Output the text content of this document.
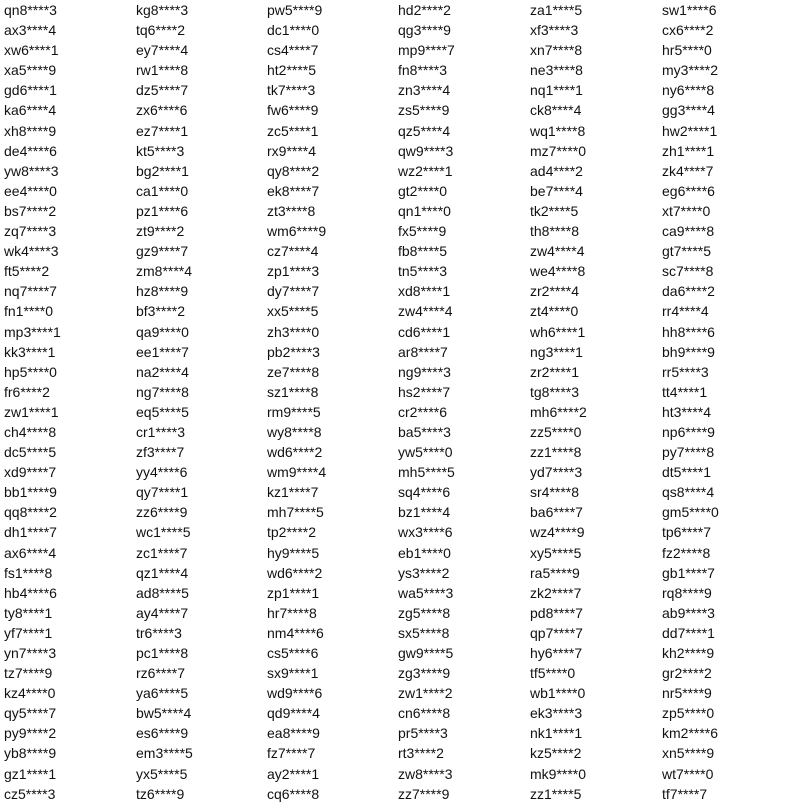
qn8****3
ax3****4
xw6****1
xa5****9
gd6****1
ka6****4
xh8****9
de4****6
yw8****3
ee4****0
bs7****2
zq7****3
wk4****3
ft5****2
nq7****7
fn1****0
mp3****1
kk3****1
hp5****0
fr6****2
zw1****1
ch4****8
dc5****5
xd9****7
bb1****9
qq8****2
dh1****7
ax6****4
fs1****8
hb4****6
ty8****1
yf7****1
yn7****3
tz7****9
kz4****0
qy5****7
py9****2
yb8****9
gz1****1
cz5****3
kg8****3
tq6****2
ey7****4
rw1****8
dz5****7
zx6****6
ez7****1
kt5****3
bg2****1
ca1****0
pz1****6
zt9****2
gz9****7
zm8****4
hz8****9
bf3****2
qa9****0
ee1****7
na2****4
ng7****8
eq5****5
cr1****3
zf3****7
yy4****6
qy7****1
zz6****9
wc1****5
zc1****7
qz1****4
ad8****5
ay4****7
tr6****3
pc1****8
rz6****7
ya6****5
bw5****4
es6****9
em3****5
yx5****5
tz6****9
pw5****9
dc1****0
cs4****7
ht2****5
tk7****3
fw6****9
zc5****1
rx9****4
qy8****2
ek8****7
zt3****8
wm6****9
cz7****4
zp1****3
dy7****7
xx5****5
zh3****0
pb2****3
ze7****8
sz1****8
rm9****5
wy8****8
wd6****2
wm9****4
kz1****7
mh7****5
tp2****2
hy9****5
wd6****2
zp1****1
hr7****8
nm4****6
cs5****6
sx9****1
wd9****6
qd9****4
ea8****9
fz7****7
ay2****1
cq6****8
hd2****2
qg3****9
mp9****7
fn8****3
zn3****4
zs5****9
qz5****4
qw9****3
wz2****1
gt2****0
qn1****0
fx5****9
fb8****5
tn5****3
xd8****1
zw4****4
cd6****1
ar8****7
ng9****3
hs2****7
cr2****6
ba5****3
yw5****0
mh5****5
sq4****6
bz1****4
wx3****6
eb1****0
ys3****2
wa5****3
zg5****8
sx5****8
gw9****5
zg3****9
zw1****2
cn6****8
pr5****3
rt3****2
zw8****3
zz7****9
za1****5
xf3****3
xn7****8
ne3****8
nq1****1
ck8****4
wq1****8
mz7****0
ad4****2
be7****4
tk2****5
th8****8
zw4****4
we4****8
zr2****4
zt4****0
wh6****1
ng3****1
zr2****1
tg8****3
mh6****2
zz5****0
zz1****8
yd7****3
sr4****8
ba6****7
wz4****9
xy5****5
ra5****9
zk2****7
pd8****7
qp7****7
hy6****7
tf5****0
wb1****0
ek3****3
nk1****1
kz5****2
mk9****0
zz1****5
sw1****6
cx6****2
hr5****0
my3****2
ny6****8
gg3****4
hw2****1
zh1****1
zk4****7
eg6****6
xt7****0
ca9****8
gt7****5
sc7****8
da6****2
rr4****4
hh8****6
bh9****9
rr5****3
tt4****1
ht3****4
np6****9
py7****8
dt5****1
qs8****4
gm5****0
tp6****7
fz2****8
gb1****7
rq8****9
ab9****3
dd7****1
kh2****9
gr2****2
nr5****9
zp5****0
km2****6
xn5****9
wt7****0
tf7****7
